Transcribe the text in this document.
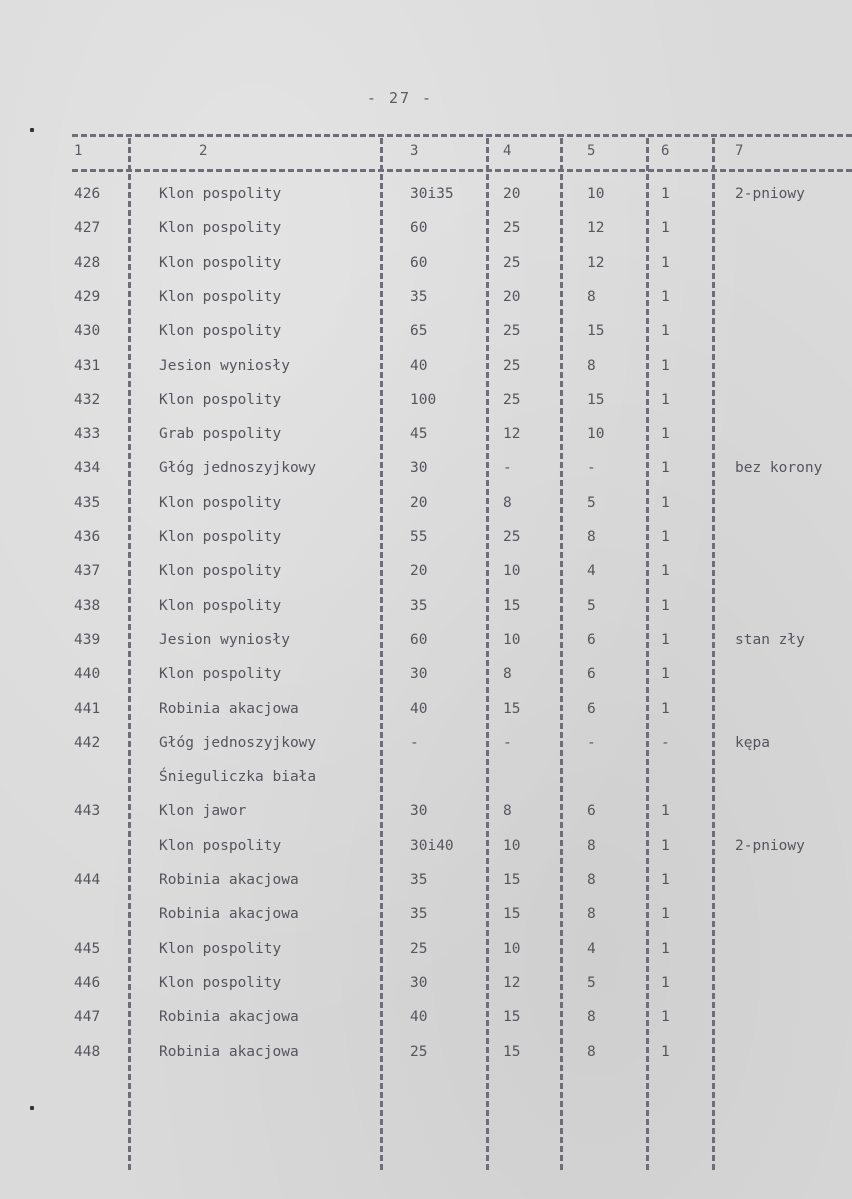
- 27 -
1	2	3	4	5	6	7
426	Klon pospolity	30i35	20	10	1	2-pniowy
427	Klon pospolity	60	25	12	1
428	Klon pospolity	60	25	12	1
429	Klon pospolity	35	20	8	1
430	Klon pospolity	65	25	15	1
431	Jesion wyniosły	40	25	8	1
432	Klon pospolity	100	25	15	1
433	Grab pospolity	45	12	10	1
434	Głóg jednoszyjkowy	30	-	-	1	bez korony
435	Klon pospolity	20	8	5	1
436	Klon pospolity	55	25	8	1
437	Klon pospolity	20	10	4	1
438	Klon pospolity	35	15	5	1
439	Jesion wyniosły	60	10	6	1	stan zły
440	Klon pospolity	30	8	6	1
441	Robinia akacjowa	40	15	6	1
442	Głóg jednoszyjkowy	-	-	-	-	kępa
Śnieguliczka biała
443	Klon jawor	30	8	6	1
Klon pospolity	30i40	10	8	1	2-pniowy
444	Robinia akacjowa	35	15	8	1
Robinia akacjowa	35	15	8	1
445	Klon pospolity	25	10	4	1
446	Klon pospolity	30	12	5	1
447	Robinia akacjowa	40	15	8	1
448	Robinia akacjowa	25	15	8	1
